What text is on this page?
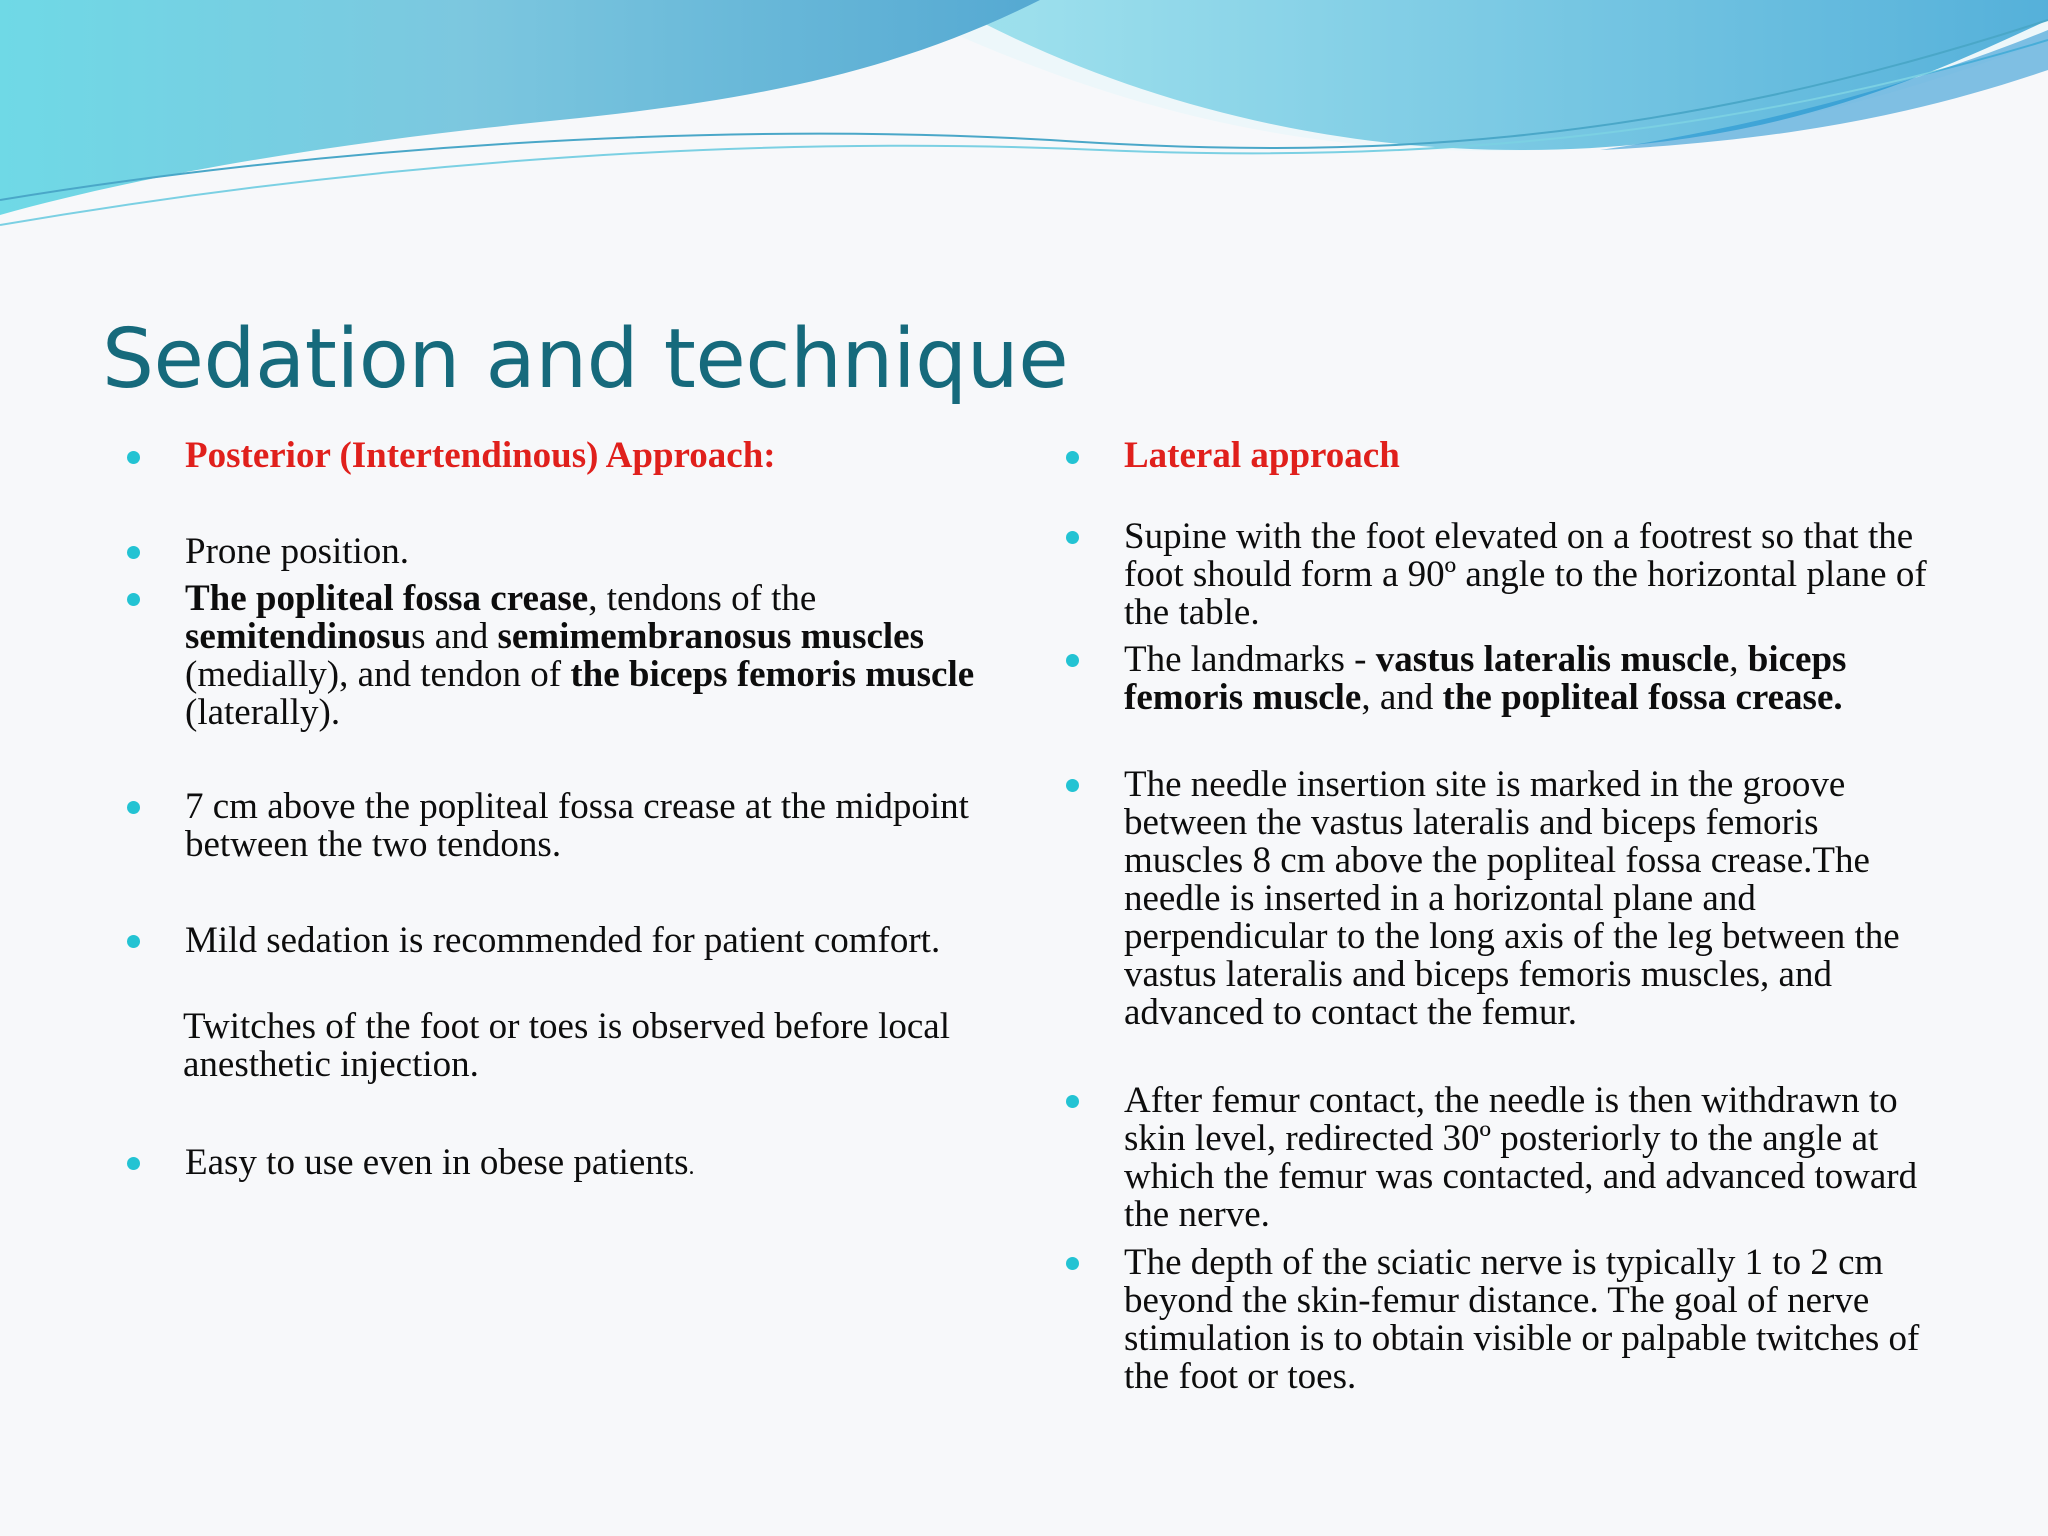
Sedation and technique
Posterior (Intertendinous) Approach:
Prone position.
The popliteal fossa crease, tendons of the semitendinosus and semimembranosus muscles (medially), and tendon of the biceps femoris muscle (laterally).
7 cm above the popliteal fossa crease at the midpoint between the two tendons.
Mild sedation is recommended for patient comfort.
Twitches of the foot or toes is observed before local anesthetic injection.
Easy to use even in obese patients.
Lateral approach
Supine with the foot elevated on a footrest so that the foot should form a 90º angle to the horizontal plane of the table.
The landmarks - vastus lateralis muscle, biceps femoris muscle, and the popliteal fossa crease.
The needle insertion site is marked in the groove between the vastus lateralis and biceps femoris muscles 8 cm above the popliteal fossa crease.The needle is inserted in a horizontal plane and perpendicular to the long axis of the leg between the vastus lateralis and biceps femoris muscles, and advanced to contact the femur.
After femur contact, the needle is then withdrawn to skin level, redirected 30º posteriorly to the angle at which the femur was contacted, and advanced toward the nerve.
The depth of the sciatic nerve is typically 1 to 2 cm beyond the skin-femur distance. The goal of nerve stimulation is to obtain visible or palpable twitches of the foot or toes.
